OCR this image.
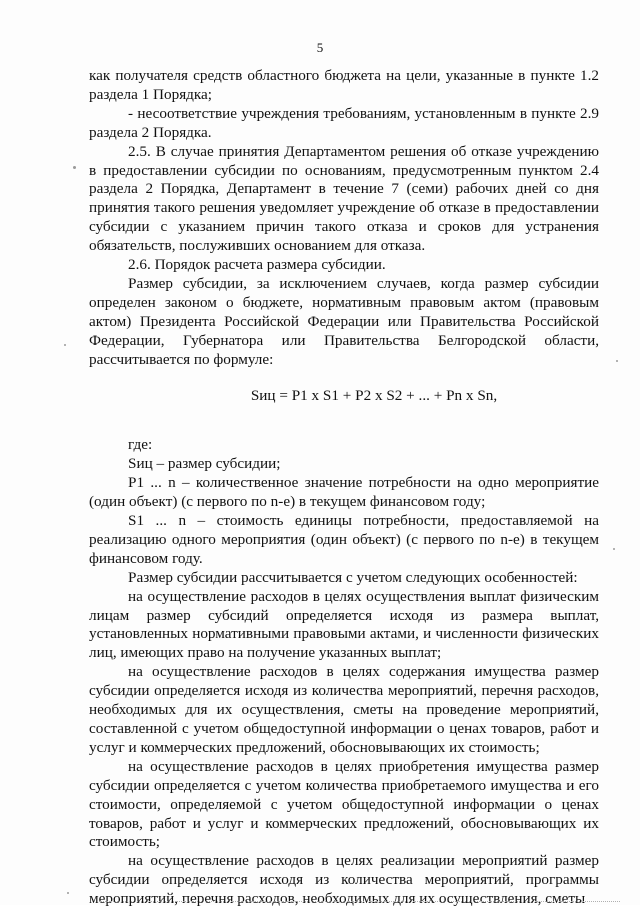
5

как получателя средств областного бюджета на цели, указанные в пункте 1.2 раздела 1 Порядка;

- несоответствие учреждения требованиям, установленным в пункте 2.9 раздела 2 Порядка.

2.5. В случае принятия Департаментом решения об отказе учреждению в предоставлении субсидии по основаниям, предусмотренным пунктом 2.4 раздела 2 Порядка, Департамент в течение 7 (семи) рабочих дней со дня принятия такого решения уведомляет учреждение об отказе в предоставлении субсидии с указанием причин такого отказа и сроков для устранения обязательств, послуживших основанием для отказа.

2.6. Порядок расчета размера субсидии.

Размер субсидии, за исключением случаев, когда размер субсидии определен законом о бюджете, нормативным правовым актом (правовым актом) Президента Российской Федерации или Правительства Российской Федерации, Губернатора или Правительства Белгородской области, рассчитывается по формуле:

Sиц = P1 x S1 + P2 x S2 + ... + Pn x Sn,

где:

Sиц – размер субсидии;

P1 ... n – количественное значение потребности на одно мероприятие (один объект) (с первого по n-е) в текущем финансовом году;

S1 ... n – стоимость единицы потребности, предоставляемой на реализацию одного мероприятия (один объект) (с первого по n-е) в текущем финансовом году.

Размер субсидии рассчитывается с учетом следующих особенностей:

на осуществление расходов в целях осуществления выплат физическим лицам размер субсидий определяется исходя из размера выплат, установленных нормативными правовыми актами, и численности физических лиц, имеющих право на получение указанных выплат;

на осуществление расходов в целях содержания имущества размер субсидии определяется исходя из количества мероприятий, перечня расходов, необходимых для их осуществления, сметы на проведение мероприятий, составленной с учетом общедоступной информации о ценах товаров, работ и услуг и коммерческих предложений, обосновывающих их стоимость;

на осуществление расходов в целях приобретения имущества размер субсидии определяется с учетом количества приобретаемого имущества и его стоимости, определяемой с учетом общедоступной информации о ценах товаров, работ и услуг и коммерческих предложений, обосновывающих их стоимость;

на осуществление расходов в целях реализации мероприятий размер субсидии определяется исходя из количества мероприятий, программы мероприятий, перечня расходов, необходимых для их осуществления, сметы
